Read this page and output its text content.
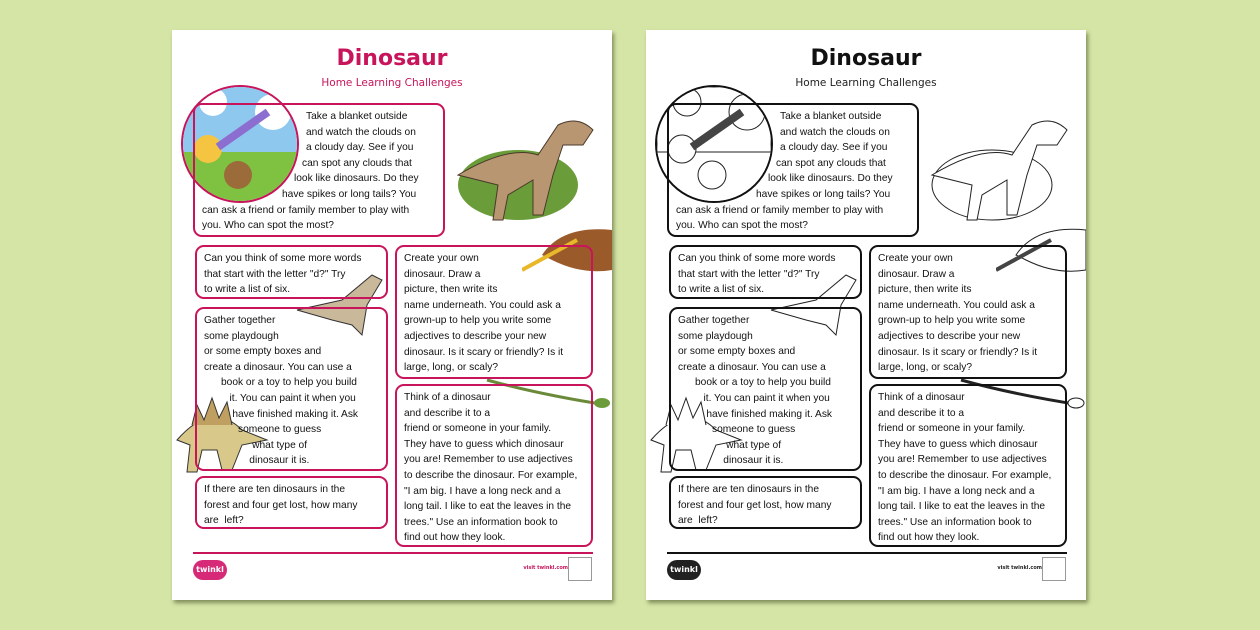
Dinosaur
Home Learning Challenges
Take a blanket outside
and watch the clouds on
a cloudy day. See if you
can spot any clouds that
look like dinosaurs. Do they
have spikes or long tails? You
can ask a friend or family member to play with
you. Who can spot the most?
Can you think of some more words
that start with the letter "d?" Try
to write a list of six.
Create your own
dinosaur. Draw a
picture, then write its
name underneath. You could ask a
grown-up to help you write some
adjectives to describe your new
dinosaur. Is it scary or friendly? Is it
large, long, or scaly?
Gather together
some playdough
or some empty boxes and
create a dinosaur. You can use a
book or a toy to help you build
it. You can paint it when you
have finished making it. Ask
someone to guess
what type of
dinosaur it is.
Think of a dinosaur
and describe it to a
friend or someone in your family.
They have to guess which dinosaur
you are! Remember to use adjectives
to describe the dinosaur. For example,
"I am big. I have a long neck and a
long tail. I like to eat the leaves in the
trees." Use an information book to
find out how they look.
If there are ten dinosaurs in the
forest and four get lost, how many
are  left?
twinkl	visit twinkl.com
Dinosaur
Home Learning Challenges
Take a blanket outside
and watch the clouds on
a cloudy day. See if you
can spot any clouds that
look like dinosaurs. Do they
have spikes or long tails? You
can ask a friend or family member to play with
you. Who can spot the most?
Can you think of some more words
that start with the letter "d?" Try
to write a list of six.
Create your own
dinosaur. Draw a
picture, then write its
name underneath. You could ask a
grown-up to help you write some
adjectives to describe your new
dinosaur. Is it scary or friendly? Is it
large, long, or scaly?
Gather together
some playdough
or some empty boxes and
create a dinosaur. You can use a
book or a toy to help you build
it. You can paint it when you
have finished making it. Ask
someone to guess
what type of
dinosaur it is.
Think of a dinosaur
and describe it to a
friend or someone in your family.
They have to guess which dinosaur
you are! Remember to use adjectives
to describe the dinosaur. For example,
"I am big. I have a long neck and a
long tail. I like to eat the leaves in the
trees." Use an information book to
find out how they look.
If there are ten dinosaurs in the
forest and four get lost, how many
are  left?
twinkl	visit twinkl.com
